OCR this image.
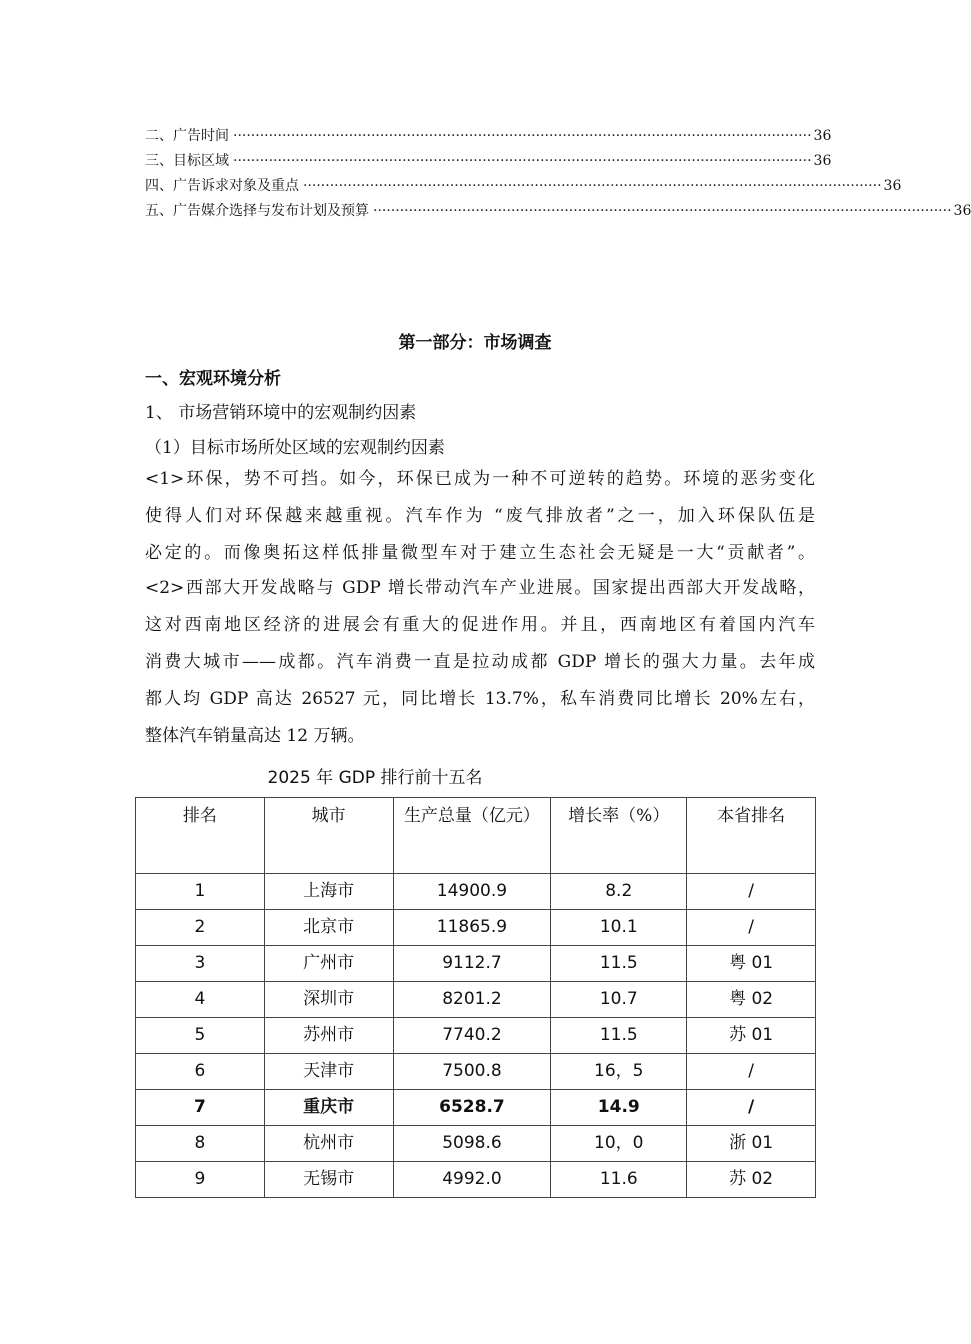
二、广告时间 ·································································································································· 36
三、目标区域 ·································································································································· 36
四、广告诉求对象及重点 ·································································································································· 36
五、广告媒介选择与发布计划及预算 ·································································································································· 36
第一部分：市场调查
一、宏观环境分析
1、 市场营销环境中的宏观制约因素
（1）目标市场所处区域的宏观制约因素
<1>环保，势不可挡。如今，环保已成为一种不可逆转的趋势。环境的恶劣变化
使得人们对环保越来越重视。汽车作为 “废气排放者”之一，加入环保队伍是
必定的。而像奥拓这样低排量微型车对于建立生态社会无疑是一大“贡献者”。
<2>西部大开发战略与 GDP 增长带动汽车产业进展。国家提出西部大开发战略，
这对西南地区经济的进展会有重大的促进作用。并且，西南地区有着国内汽车
消费大城市——成都。汽车消费一直是拉动成都 GDP 增长的强大力量。去年成
都人均 GDP 高达 26527 元，同比增长 13.7%，私车消费同比增长 20%左右，
整体汽车销量高达 12 万辆。
2025 年 GDP 排行前十五名
排名	城市	生产总量（亿元）	增长率（%）	本省排名
1	上海市	14900.9	8.2	/
2	北京市	11865.9	10.1	/
3	广州市	9112.7	11.5	粤 01
4	深圳市	8201.2	10.7	粤 02
5	苏州市	7740.2	11.5	苏 01
6	天津市	7500.8	16，5	/
7	重庆市	6528.7	14.9	/
8	杭州市	5098.6	10，0	浙 01
9	无锡市	4992.0	11.6	苏 02
